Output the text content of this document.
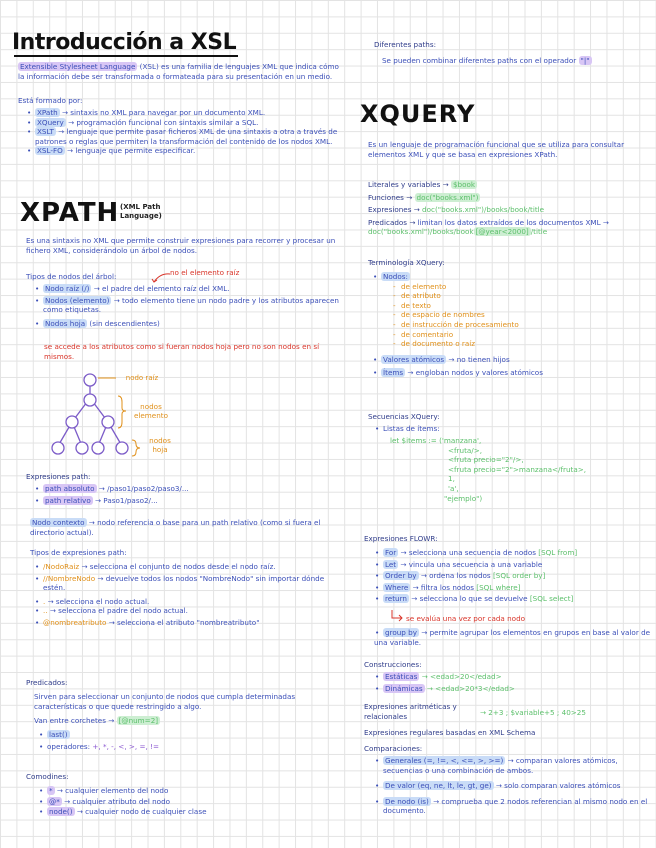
Introducción a XSL
Extensible Stylesheet Language (XSL) es una familia de lenguajes XML que indica cómo la información debe ser transformada o formateada para su presentación en un medio.
Está formado por:
• XPath → sintaxis no XML para navegar por un documento XML.
• XQuery → programación funcional con sintaxis similar a SQL.
• XSLT → lenguaje que permite pasar ficheros XML de una sintaxis a otra a través de patrones o reglas que permiten la transformación del contenido de los nodos XML.
• XSL-FO → lenguaje que permite especificar.
XPATH (XML Path Language)
Es una sintaxis no XML que permite construir expresiones para recorrer y procesar un fichero XML, considerándolo un árbol de nodos.
Tipos de nodos del árbol:	no el elemento raíz
• Nodo raíz (/) → el padre del elemento raíz del XML.
• Nodos (elemento) → todo elemento tiene un nodo padre y los atributos aparecen como etiquetas.
• Nodos hoja (sin descendientes)
se accede a los atributos como si fueran nodos hoja pero no son nodos en sí mismos.
nodo raíz
nodos elemento
nodos hoja
Expresiones path:
• path absoluto → /paso1/paso2/paso3/...
• path relativo → Paso1/paso2/...
Nodo contexto → nodo referencia o base para un path relativo (como si fuera el directorio actual).
Tipos de expresiones path:
• /NodoRaiz → selecciona el conjunto de nodos desde el nodo raíz.
• //NombreNodo → devuelve todos los nodos "NombreNodo" sin importar dónde estén.
• . → selecciona el nodo actual.
• .. → selecciona el padre del nodo actual.
• @nombreatributo → selecciona el atributo "nombreatributo"
Predicados:
Sirven para seleccionar un conjunto de nodos que cumpla determinadas características o que quede restringido a algo.
Van entre corchetes → [@num=2]
• last()
• operadores: +, *, -, <, >, =, !=
Comodines:
• * → cualquier elemento del nodo
• @* → cualquier atributo del nodo
• node() → cualquier nodo de cualquier clase
Diferentes paths:
Se pueden combinar diferentes paths con el operador "|"
XQUERY
Es un lenguaje de programación funcional que se utiliza para consultar elementos XML y que se basa en expresiones XPath.
Literales y variables → $book
Funciones → doc("books.xml")
Expresiones → doc("books.xml")/books/book/title
Predicados → limitan los datos extraídos de los documentos XML → doc("books.xml")/books/book [@year<2000] /title
Terminología XQuery:
• Nodos:
- de elemento
- de atributo
- de texto
- de espacio de nombres
- de instrucción de procesamiento
- de comentario
- de documento o raíz
• Valores atómicos → no tienen hijos
• Ítems → engloban nodos y valores atómicos
Secuencias XQuery:
• Listas de ítems:
let $items := ('manzana',
<fruta/>,
<fruta precio="2"/>,
<fruta precio="2">manzana</fruta>,
1,
'a',
"ejemplo")
Expresiones FLOWR:
• For → selecciona una secuencia de nodos [SQL from]
• Let → vincula una secuencia a una variable
• Order by → ordena los nodos [SQL order by]
• Where → filtra los nodos [SQL where]
• return → selecciona lo que se devuelve [SQL select]
se evalúa una vez por cada nodo
• group by → permite agrupar los elementos en grupos en base al valor de una variable.
Construcciones:
• Estáticas → <edad>20</edad>
• Dinámicas → <edad>20*3</edad>
Expresiones aritméticas y relacionales	→ 2+3 ; $variable+5 ; 40>25
Expresiones regulares basadas en XML Schema
Comparaciones:
• Generales (=, !=, <, <=, >, >=) → comparan valores atómicos, secuencias o una combinación de ambos.
• De valor (eq, ne, lt, le, gt, ge) → solo comparan valores atómicos
• De nodo (is) → comprueba que 2 nodos referencian al mismo nodo en el documento.
